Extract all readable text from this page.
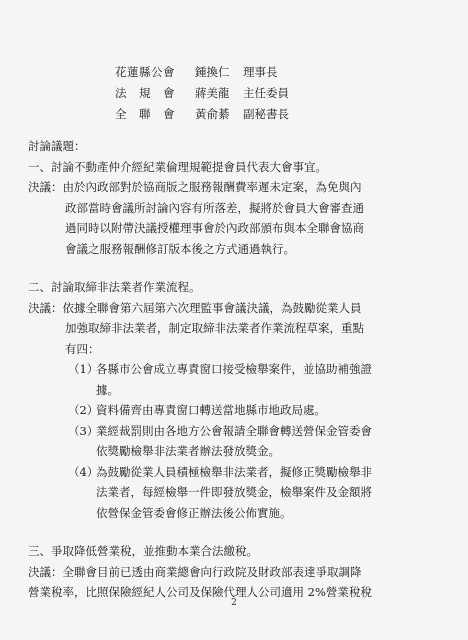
花蓮縣公會	鍾換仁	理事長
法　規　會	蔣美龍	主任委員
全　聯　會	黃俞綦	副秘書長
討論議題：
一、討論不動產仲介經紀業倫理規範提會員代表大會事宜。
決議：由於內政部對於協商版之服務報酬費率遲未定案，為免與內
政部當時會議所討論內容有所落差，擬將於會員大會審查通
過同時以附帶決議授權理事會於內政部頒布與本全聯會協商
會議之服務報酬修訂版本後之方式通過執行。
二、討論取締非法業者作業流程。
決議：依據全聯會第六屆第六次理監事會議決議，為鼓勵從業人員
加強取締非法業者，制定取締非法業者作業流程草案，重點
有四：
（1）
各縣市公會成立專責窗口接受檢舉案件，並協助補強證
據。
（2）
資料備齊由專責窗口轉送當地縣市地政局處。
（3）
業經裁罰則由各地方公會報請全聯會轉送營保金管委會
依獎勵檢舉非法業者辦法發放獎金。
（4）
為鼓勵從業人員積極檢舉非法業者，擬修正獎勵檢舉非
法業者，每經檢舉一件即發放獎金，檢舉案件及金額將
依營保金管委會修正辦法後公佈實施。
三、爭取降低營業稅，並推動本業合法繳稅。
決議：全聯會目前已透由商業總會向行政院及財政部表達爭取調降
營業稅率，比照保險經紀人公司及保險代理人公司適用 2%營業稅稅
2
